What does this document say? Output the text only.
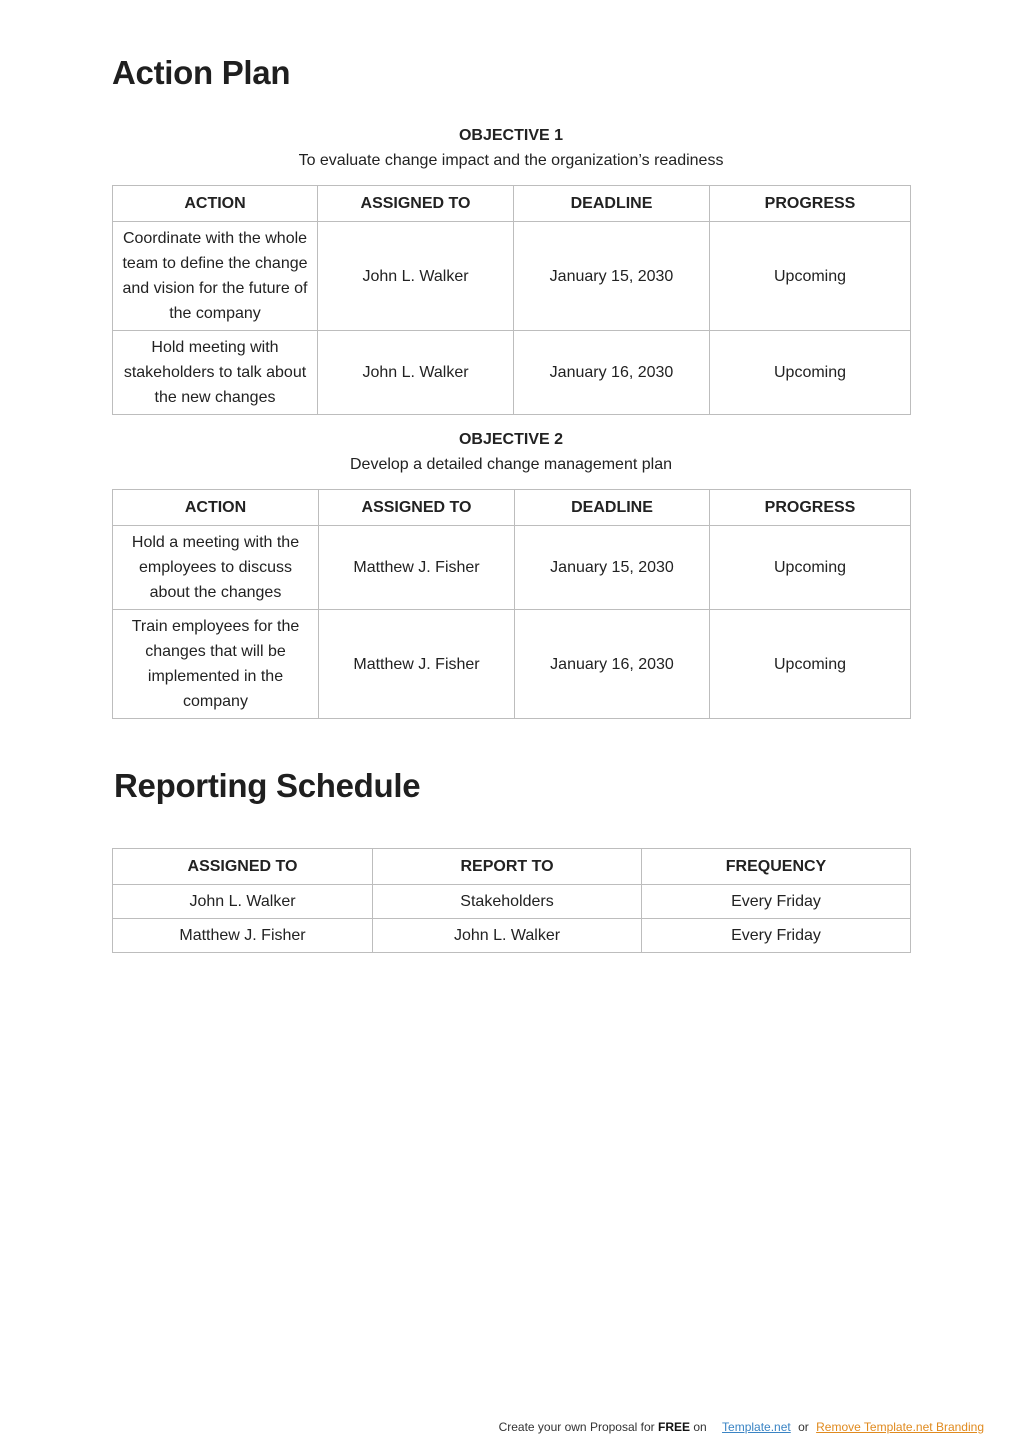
Action Plan
OBJECTIVE 1
To evaluate change impact and the organization’s readiness
ACTION	ASSIGNED TO	DEADLINE	PROGRESS
Coordinate with the whole team to define the change and vision for the future of the company	John L. Walker	January 15, 2030	Upcoming
Hold meeting with stakeholders to talk about the new changes	John L. Walker	January 16, 2030	Upcoming
OBJECTIVE 2
Develop a detailed change management plan
ACTION	ASSIGNED TO	DEADLINE	PROGRESS
Hold a meeting with the employees to discuss about the changes	Matthew J. Fisher	January 15, 2030	Upcoming
Train employees for the changes that will be implemented in the company	Matthew J. Fisher	January 16, 2030	Upcoming
Reporting Schedule
ASSIGNED TO	REPORT TO	FREQUENCY
John L. Walker	Stakeholders	Every Friday
Matthew J. Fisher	John L. Walker	Every Friday
Create your own Proposal for FREE on Template.net or Remove Template.net Branding
